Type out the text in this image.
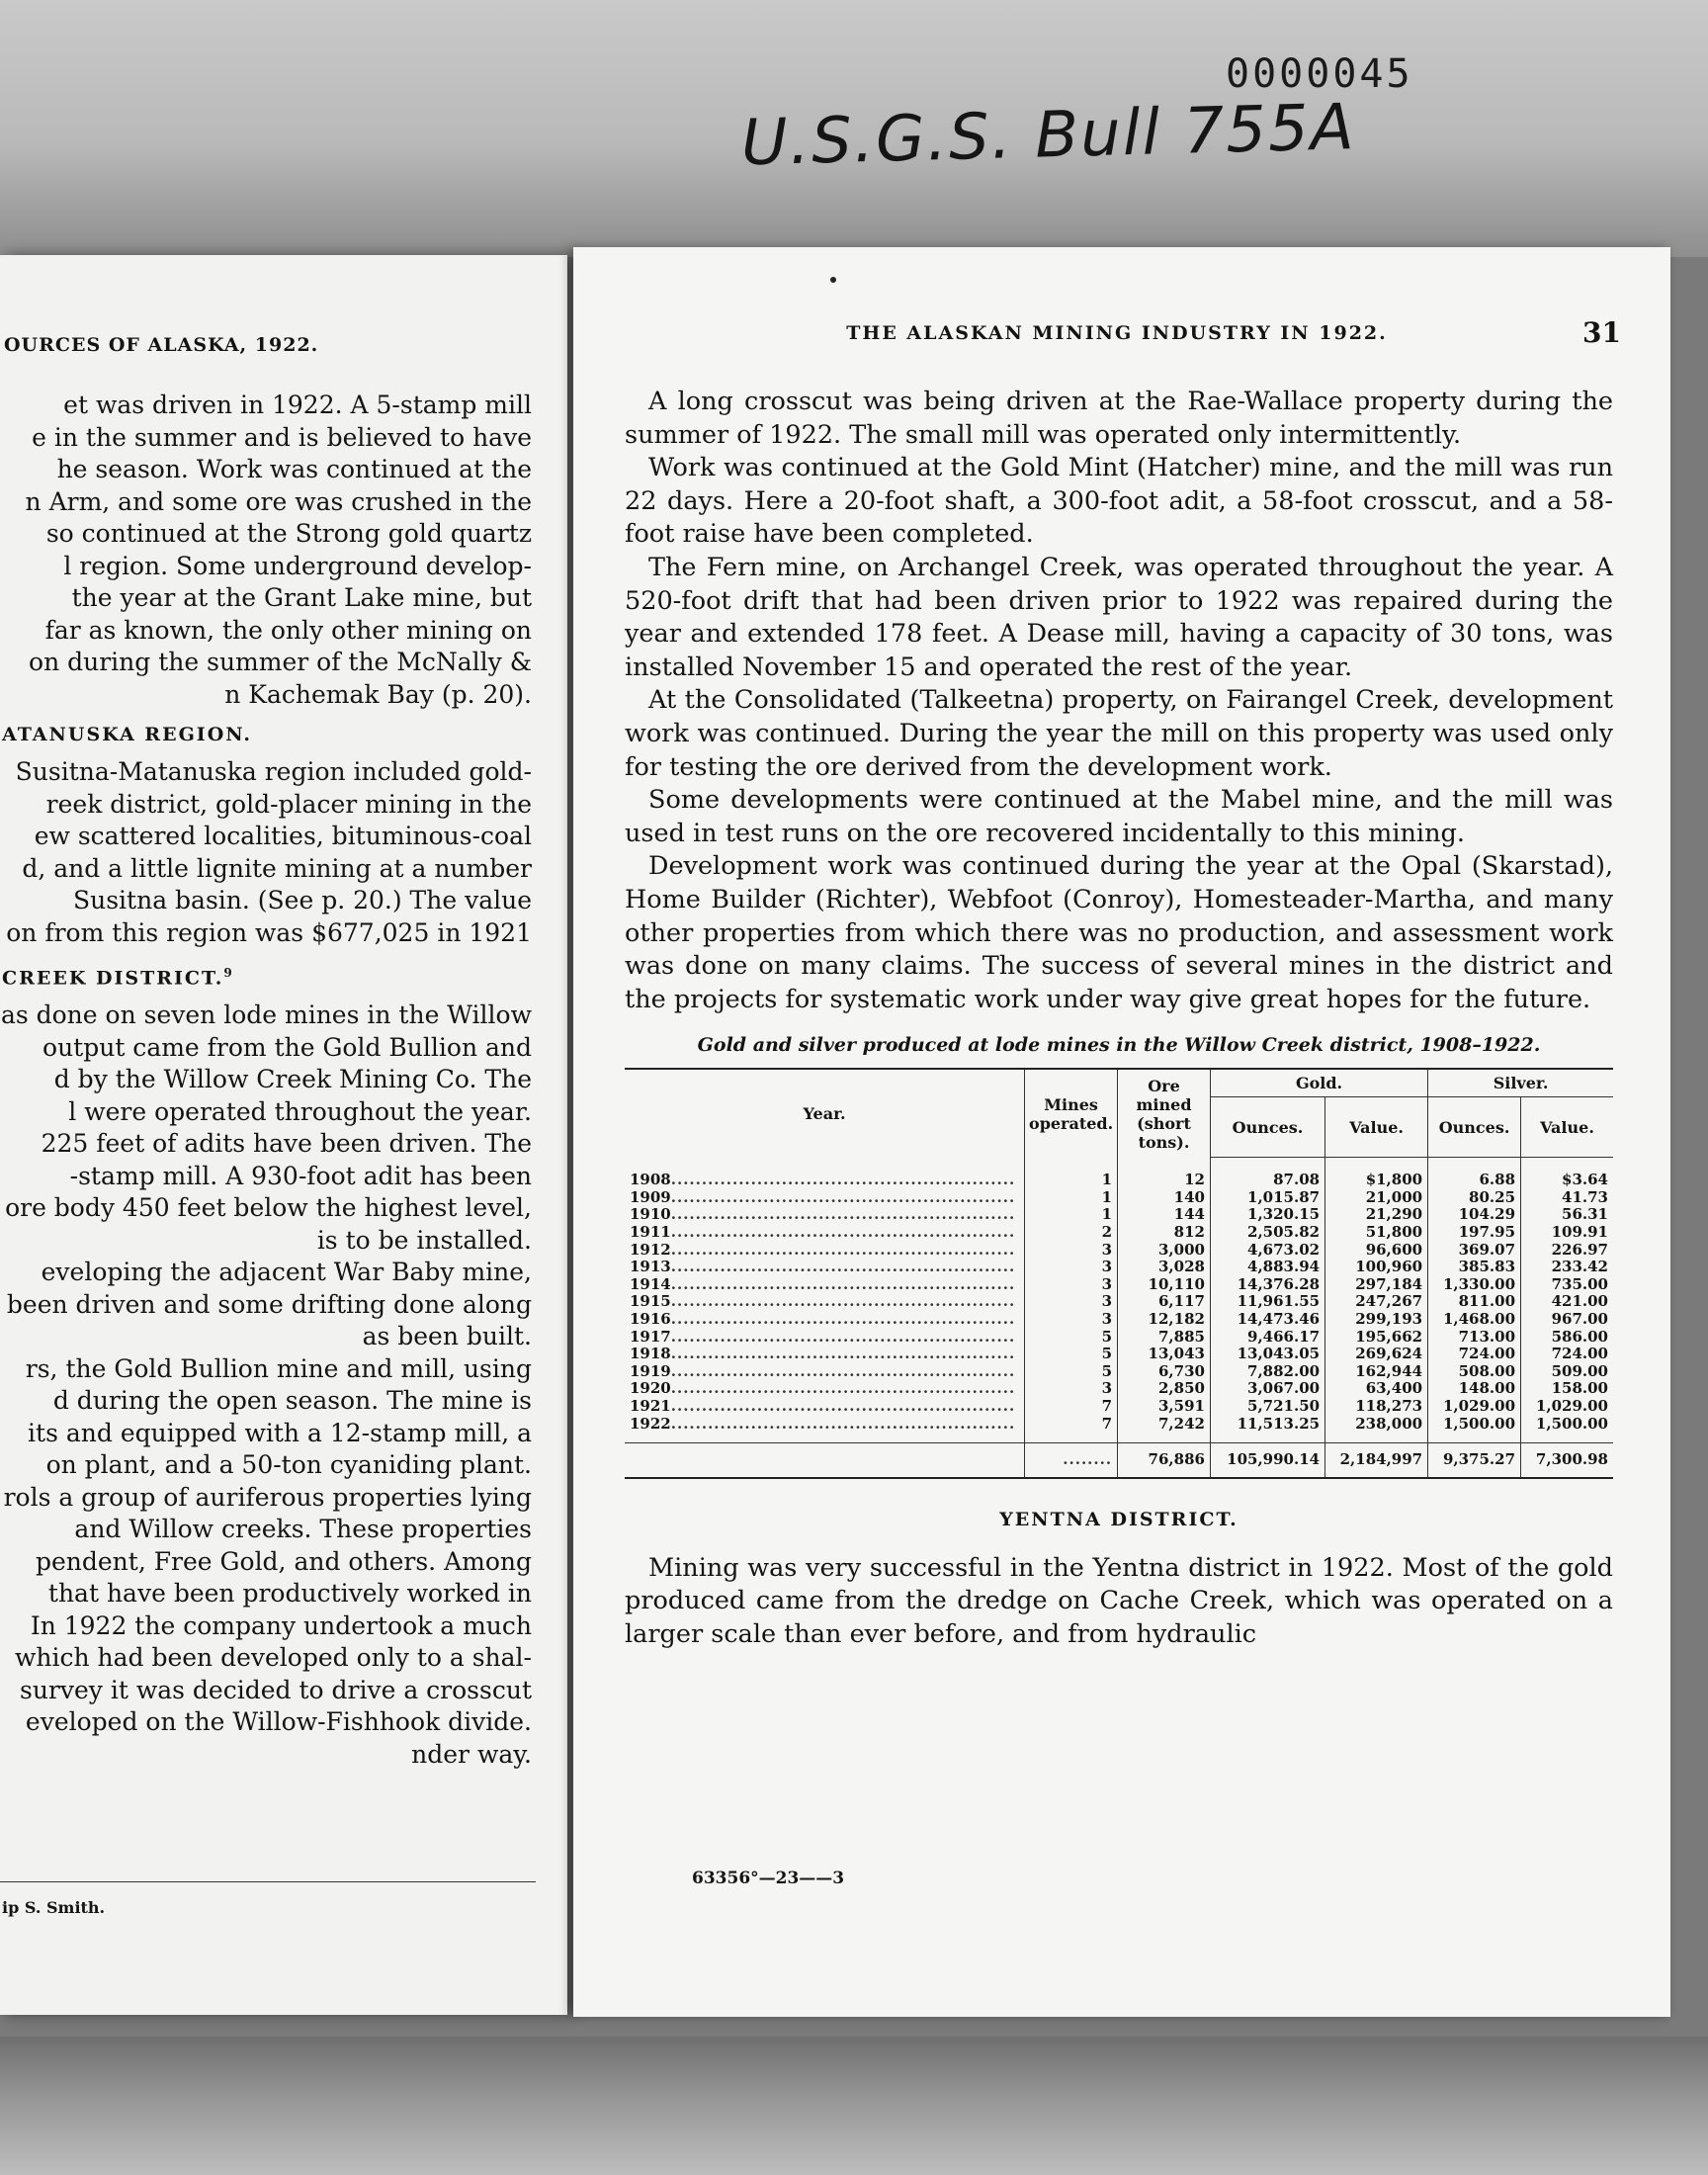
0000045
U.S.G.S. Bull 755A
OURCES OF ALASKA, 1922.
et was driven in 1922. A 5-stamp mill
e in the summer and is believed to have
he season. Work was continued at the
n Arm, and some ore was crushed in the
so continued at the Strong gold quartz
l region. Some underground develop-
the year at the Grant Lake mine, but
far as known, the only other mining on
on during the summer of the McNally &
n Kachemak Bay (p. 20).
ATANUSKA REGION.
Susitna-Matanuska region included gold-
reek district, gold-placer mining in the
ew scattered localities, bituminous-coal
d, and a little lignite mining at a number
Susitna basin. (See p. 20.) The value
on from this region was $677,025 in 1921
CREEK DISTRICT.$^9$
as done on seven lode mines in the Willow
output came from the Gold Bullion and
d by the Willow Creek Mining Co. The
l were operated throughout the year.
225 feet of adits have been driven. The
-stamp mill. A 930-foot adit has been
ore body 450 feet below the highest level,
is to be installed.
eveloping the adjacent War Baby mine,
been driven and some drifting done along
as been built.
rs, the Gold Bullion mine and mill, using
d during the open season. The mine is
its and equipped with a 12-stamp mill, a
on plant, and a 50-ton cyaniding plant.
rols a group of auriferous properties lying
and Willow creeks. These properties
pendent, Free Gold, and others. Among
that have been productively worked in
In 1922 the company undertook a much
which had been developed only to a shal-
survey it was decided to drive a crosscut
eveloped on the Willow-Fishhook divide.
nder way.
ip S. Smith.
THE ALASKAN MINING INDUSTRY IN 1922.	31

A long crosscut was being driven at the Rae-Wallace property during the summer of 1922. The small mill was operated only intermittently.

Work was continued at the Gold Mint (Hatcher) mine, and the mill was run 22 days. Here a 20-foot shaft, a 300-foot adit, a 58-foot crosscut, and a 58-foot raise have been completed.

The Fern mine, on Archangel Creek, was operated throughout the year. A 520-foot drift that had been driven prior to 1922 was repaired during the year and extended 178 feet. A Dease mill, having a capacity of 30 tons, was installed November 15 and operated the rest of the year.

At the Consolidated (Talkeetna) property, on Fairangel Creek, development work was continued. During the year the mill on this property was used only for testing the ore derived from the development work.

Some developments were continued at the Mabel mine, and the mill was used in test runs on the ore recovered incidentally to this mining.

Development work was continued during the year at the Opal (Skarstad), Home Builder (Richter), Webfoot (Conroy), Homesteader-Martha, and many other properties from which there was no production, and assessment work was done on many claims. The success of several mines in the district and the projects for systematic work under way give great hopes for the future.

Gold and silver produced at lode mines in the Willow Creek district, 1908–1922.
Year.	Mines operated.	Ore mined (short tons).	Gold.		Silver.	
			Ounces.	Value.	Ounces.	Value.
1908........................................................	1	12	87.08	$1,800	6.88	$3.64
1909........................................................	1	140	1,015.87	21,000	80.25	41.73
1910........................................................	1	144	1,320.15	21,290	104.29	56.31
1911........................................................	2	812	2,505.82	51,800	197.95	109.91
1912........................................................	3	3,000	4,673.02	96,600	369.07	226.97
1913........................................................	3	3,028	4,883.94	100,960	385.83	233.42
1914........................................................	3	10,110	14,376.28	297,184	1,330.00	735.00
1915........................................................	3	6,117	11,961.55	247,267	811.00	421.00
1916........................................................	3	12,182	14,473.46	299,193	1,468.00	967.00
1917........................................................	5	7,885	9,466.17	195,662	713.00	586.00
1918........................................................	5	13,043	13,043.05	269,624	724.00	724.00
1919........................................................	5	6,730	7,882.00	162,944	508.00	509.00
1920........................................................	3	2,850	3,067.00	63,400	148.00	158.00
1921........................................................	7	3,591	5,721.50	118,273	1,029.00	1,029.00
1922........................................................	7	7,242	11,513.25	238,000	1,500.00	1,500.00
	........	76,886	105,990.14	2,184,997	9,375.27	7,300.98
YENTNA DISTRICT.

Mining was very successful in the Yentna district in 1922. Most of the gold produced came from the dredge on Cache Creek, which was operated on a larger scale than ever before, and from hydraulic

63356°—23——3
